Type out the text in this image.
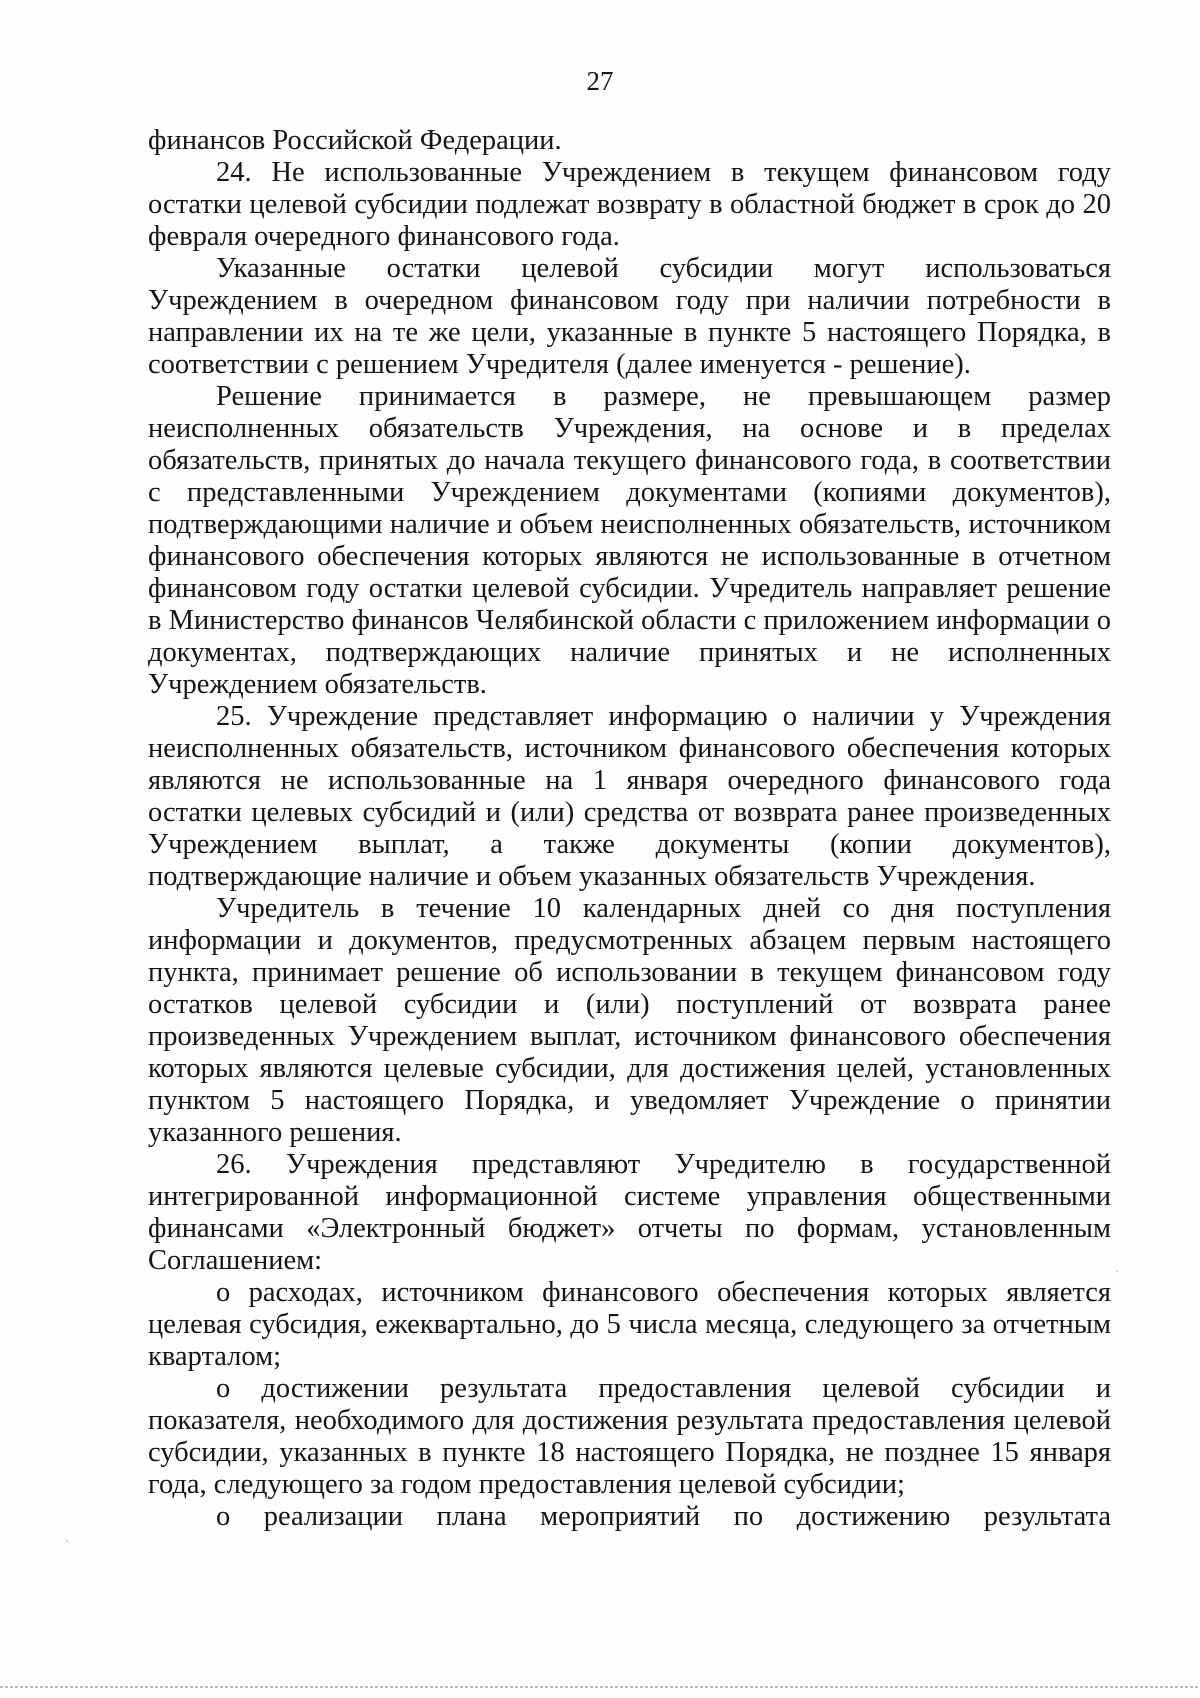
27

финансов Российской Федерации.

24. Не использованные Учреждением в текущем финансовом году остатки целевой субсидии подлежат возврату в областной бюджет в срок до 20 февраля очередного финансового года.

Указанные остатки целевой субсидии могут использоваться Учреждением в очередном финансовом году при наличии потребности в направлении их на те же цели, указанные в пункте 5 настоящего Порядка, в соответствии с решением Учредителя (далее именуется - решение).

Решение принимается в размере, не превышающем размер неисполненных обязательств Учреждения, на основе и в пределах обязательств, принятых до начала текущего финансового года, в соответствии с представленными Учреждением документами (копиями документов), подтверждающими наличие и объем неисполненных обязательств, источником финансового обеспечения которых являются не использованные в отчетном финансовом году остатки целевой субсидии. Учредитель направляет решение в Министерство финансов Челябинской области с приложением информации о документах, подтверждающих наличие принятых и не исполненных Учреждением обязательств.

25. Учреждение представляет информацию о наличии у Учреждения неисполненных обязательств, источником финансового обеспечения которых являются не использованные на 1 января очередного финансового года остатки целевых субсидий и (или) средства от возврата ранее произведенных Учреждением выплат, а также документы (копии документов), подтверждающие наличие и объем указанных обязательств Учреждения.

Учредитель в течение 10 календарных дней со дня поступления информации и документов, предусмотренных абзацем первым настоящего пункта, принимает решение об использовании в текущем финансовом году остатков целевой субсидии и (или) поступлений от возврата ранее произведенных Учреждением выплат, источником финансового обеспечения которых являются целевые субсидии, для достижения целей, установленных пунктом 5 настоящего Порядка, и уведомляет Учреждение о принятии указанного решения.

26. Учреждения представляют Учредителю в государственной интегрированной информационной системе управления общественными финансами «Электронный бюджет» отчеты по формам, установленным Соглашением:

о расходах, источником финансового обеспечения которых является целевая субсидия, ежеквартально, до 5 числа месяца, следующего за отчетным кварталом;

о достижении результата предоставления целевой субсидии и показателя, необходимого для достижения результата предоставления целевой субсидии, указанных в пункте 18 настоящего Порядка, не позднее 15 января года, следующего за годом предоставления целевой субсидии;

о реализации плана мероприятий по достижению результата
